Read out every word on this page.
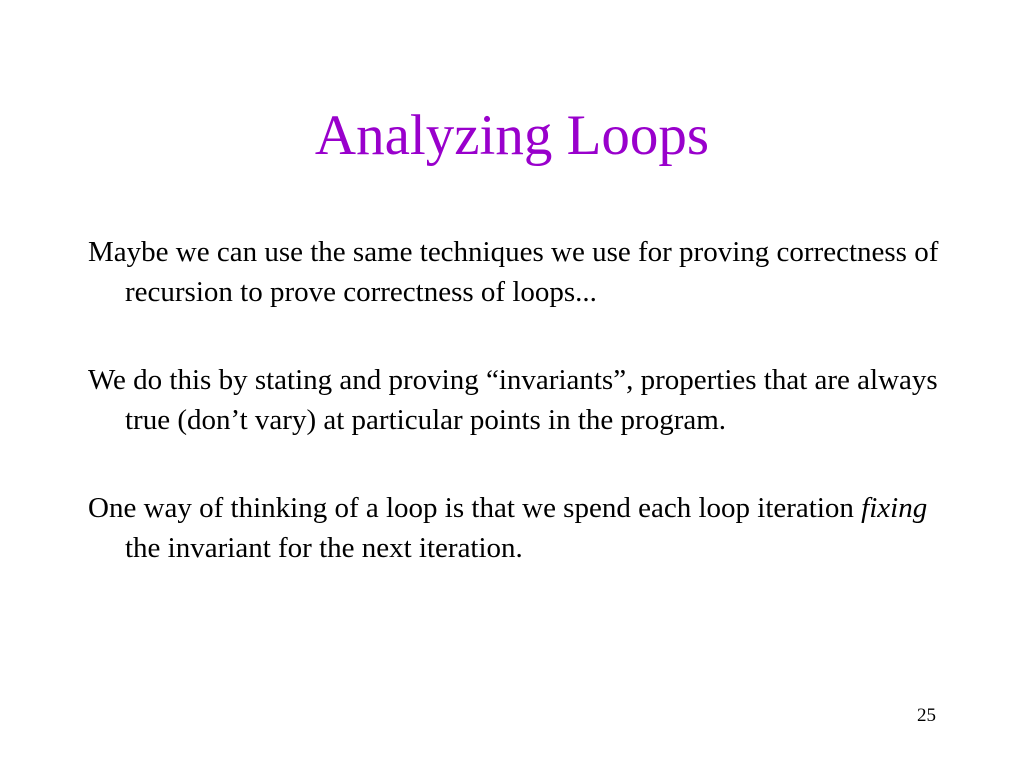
Analyzing Loops

Maybe we can use the same techniques we use for proving correctness of recursion to prove correctness of loops...

We do this by stating and proving “invariants”, properties that are always true (don’t vary) at particular points in the program.

One way of thinking of a loop is that we spend each loop iteration fixing the invariant for the next iteration.

25
